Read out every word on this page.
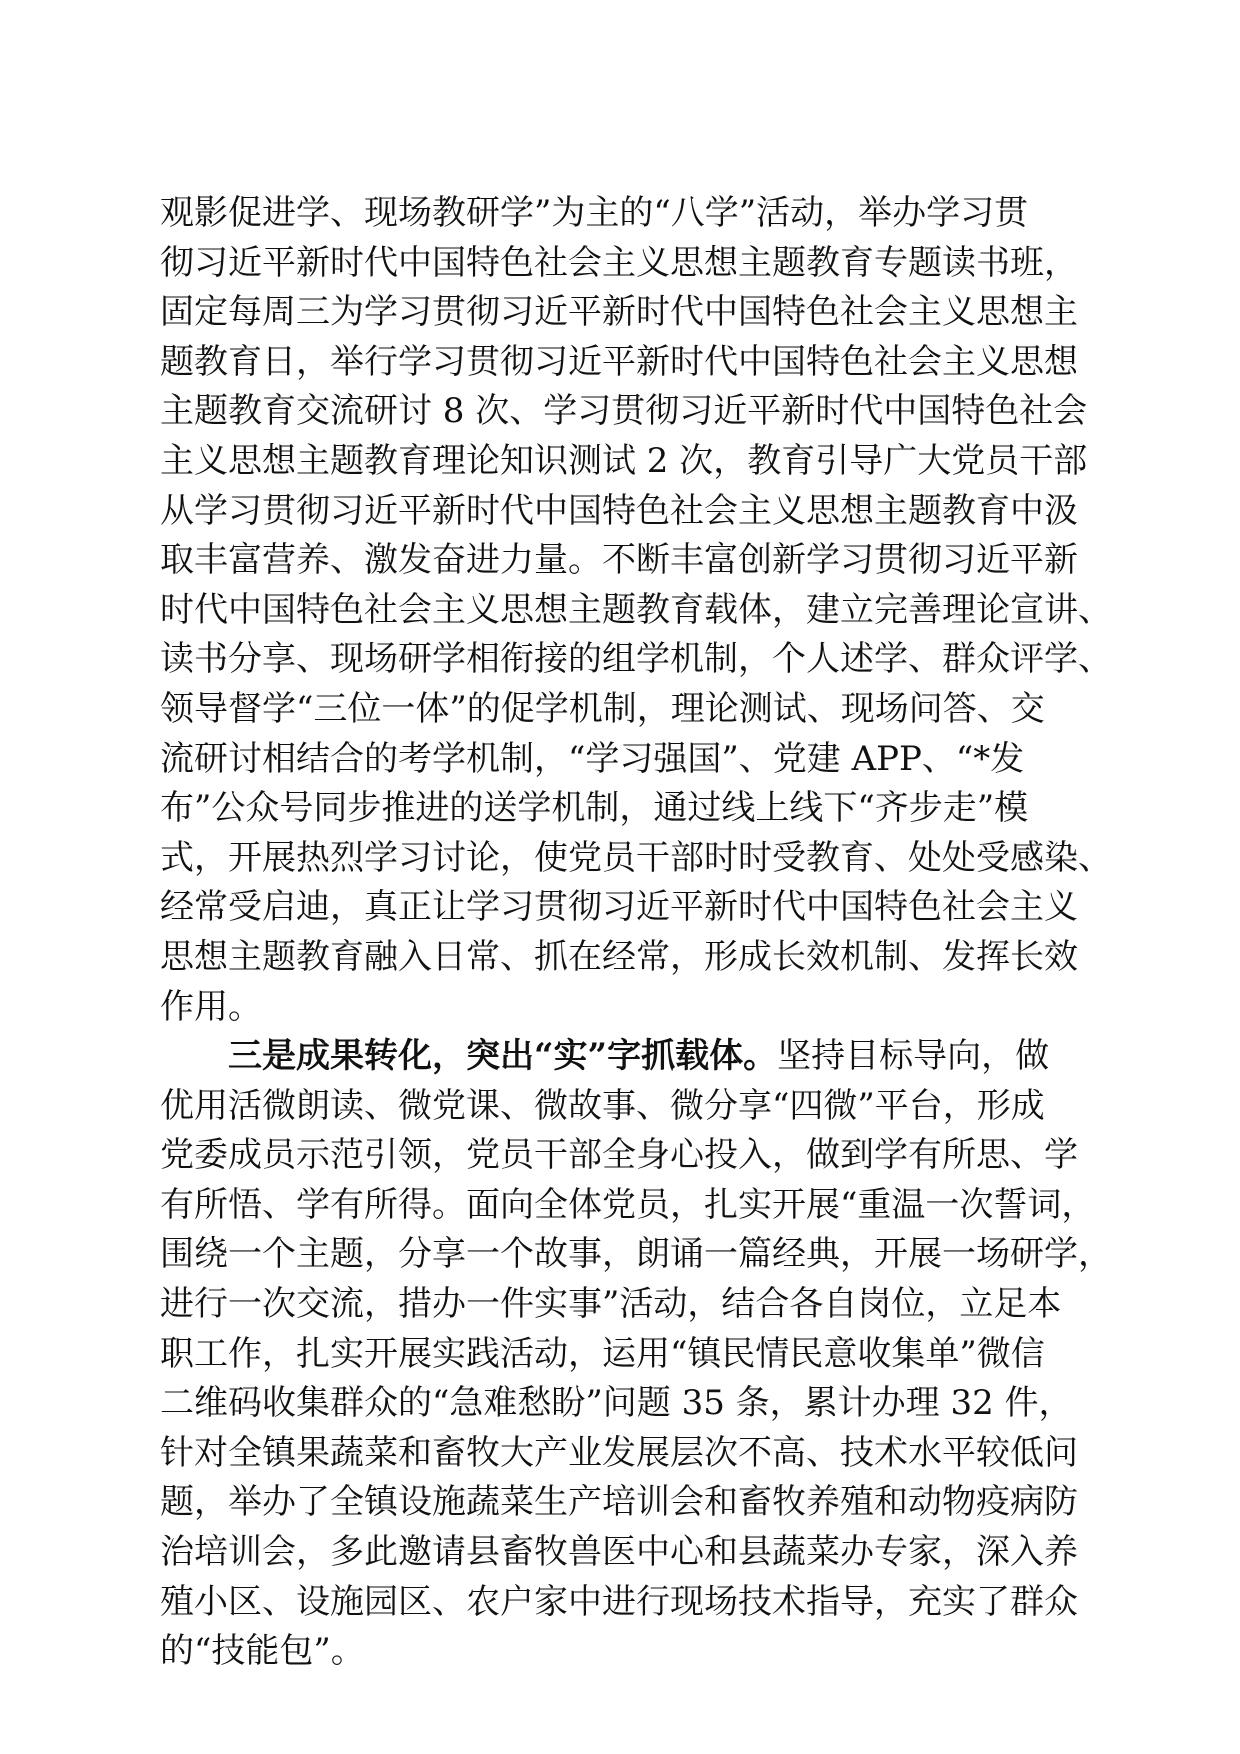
观影促进学、现场教研学”为主的“八学”活动，举办学习贯
彻习近平新时代中国特色社会主义思想主题教育专题读书班，
固定每周三为学习贯彻习近平新时代中国特色社会主义思想主
题教育日，举行学习贯彻习近平新时代中国特色社会主义思想
主题教育交流研讨 8 次、学习贯彻习近平新时代中国特色社会
主义思想主题教育理论知识测试 2 次，教育引导广大党员干部
从学习贯彻习近平新时代中国特色社会主义思想主题教育中汲
取丰富营养、激发奋进力量。不断丰富创新学习贯彻习近平新
时代中国特色社会主义思想主题教育载体，建立完善理论宣讲、
读书分享、现场研学相衔接的组学机制，个人述学、群众评学、
领导督学“三位一体”的促学机制，理论测试、现场问答、交
流研讨相结合的考学机制，“学习强国”、党建 APP、“*发
布”公众号同步推进的送学机制，通过线上线下“齐步走”模
式，开展热烈学习讨论，使党员干部时时受教育、处处受感染、
经常受启迪，真正让学习贯彻习近平新时代中国特色社会主义
思想主题教育融入日常、抓在经常，形成长效机制、发挥长效
作用。
三是成果转化，突出“实”字抓载体。坚持目标导向，做
优用活微朗读、微党课、微故事、微分享“四微”平台，形成
党委成员示范引领，党员干部全身心投入，做到学有所思、学
有所悟、学有所得。面向全体党员，扎实开展“重温一次誓词，
围绕一个主题，分享一个故事，朗诵一篇经典，开展一场研学，
进行一次交流，措办一件实事”活动，结合各自岗位，立足本
职工作，扎实开展实践活动，运用“镇民情民意收集单”微信
二维码收集群众的“急难愁盼”问题 35 条，累计办理 32 件，
针对全镇果蔬菜和畜牧大产业发展层次不高、技术水平较低问
题，举办了全镇设施蔬菜生产培训会和畜牧养殖和动物疫病防
治培训会，多此邀请县畜牧兽医中心和县蔬菜办专家，深入养
殖小区、设施园区、农户家中进行现场技术指导，充实了群众
的“技能包”。
